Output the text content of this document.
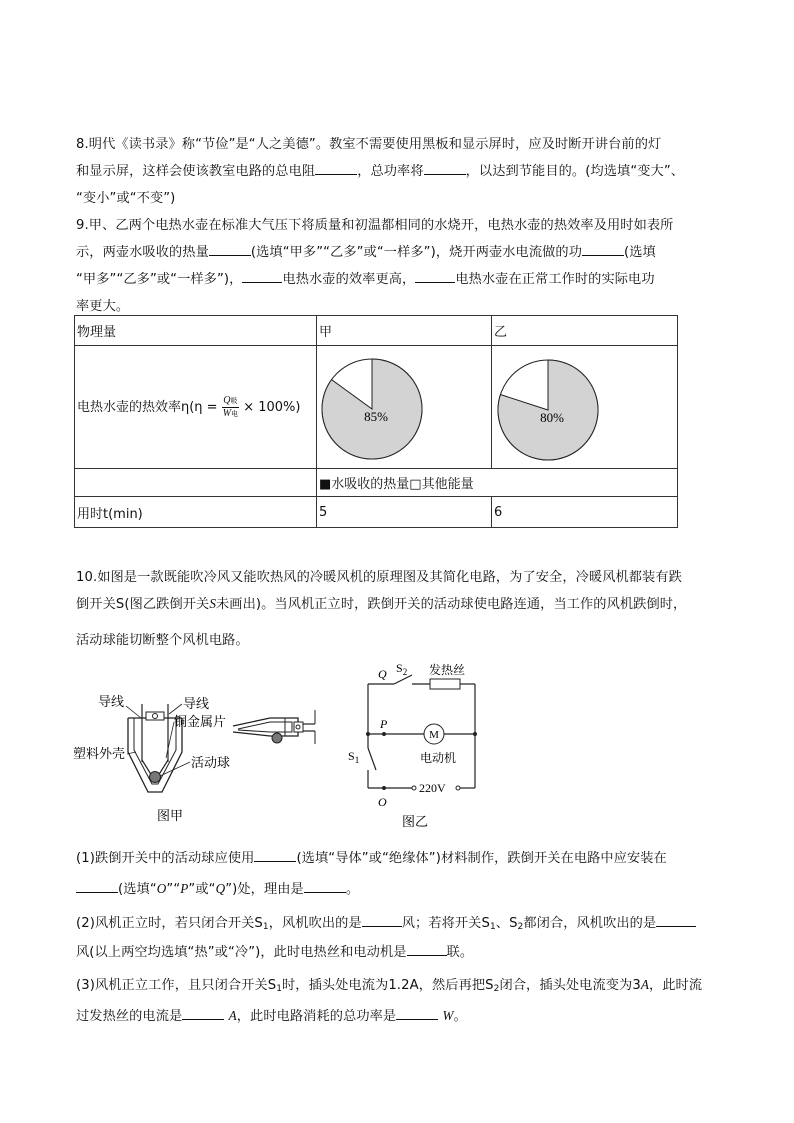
8.明代《读书录》称“节俭”是“人之美德”。教室不需要使用黑板和显示屏时，应及时断开讲台前的灯
和显示屏，这样会使该教室电路的总电阻	，总功率将	，以达到节能目的。(均选填“变大”、
“变小”或“不变”)
9.甲、乙两个电热水壶在标准大气压下将质量和初温都相同的水烧开，电热水壶的热效率及用时如表所
示，两壶水吸收的热量	(选填“甲多”“乙多”或“一样多”)，烧开两壶水电流做的功	(选填
“甲多”“乙多”或“一样多”)，	电热水壶的效率更高，	电热水壶在正常工作时的实际电功
率更大。
物理量	甲	乙
电热水壶的热效率η(η = Q吸
W电 × 100%)	85%	80%

	■水吸收的热量□其他能量	
用时t(min)	5	6
10.如图是一款既能吹冷风又能吹热风的冷暖风机的原理图及其简化电路，为了安全，冷暖风机都装有跌
倒开关S(图乙跌倒开关S未画出)。当风机正立时，跌倒开关的活动球使电路连通，当工作的风机跌倒时，
活动球能切断整个风机电路。
导线	导线
铜金属片
塑料外壳
活动球
图甲
Q $S_2$ 发热丝
M
P
$S_1$	电动机
O
220V
图乙
(1)跌倒开关中的活动球应使用	(选填“导体”或“绝缘体”)材料制作，跌倒开关在电路中应安装在
(选填“O”“P”或“Q”)处，理由是	。
(2)风机正立时，若只闭合开关$S_1$，风机吹出的是	风；若将开关$S_1$、$S_2$都闭合，风机吹出的是
风(以上两空均选填“热”或“冷”)，此时电热丝和电动机是	联。
(3)风机正立工作，且只闭合开关$S_1$时，插头处电流为1.2A，然后再把$S_2$闭合，插头处电流变为3A，此时流
过发热丝的电流是	A，此时电路消耗的总功率是	W。
